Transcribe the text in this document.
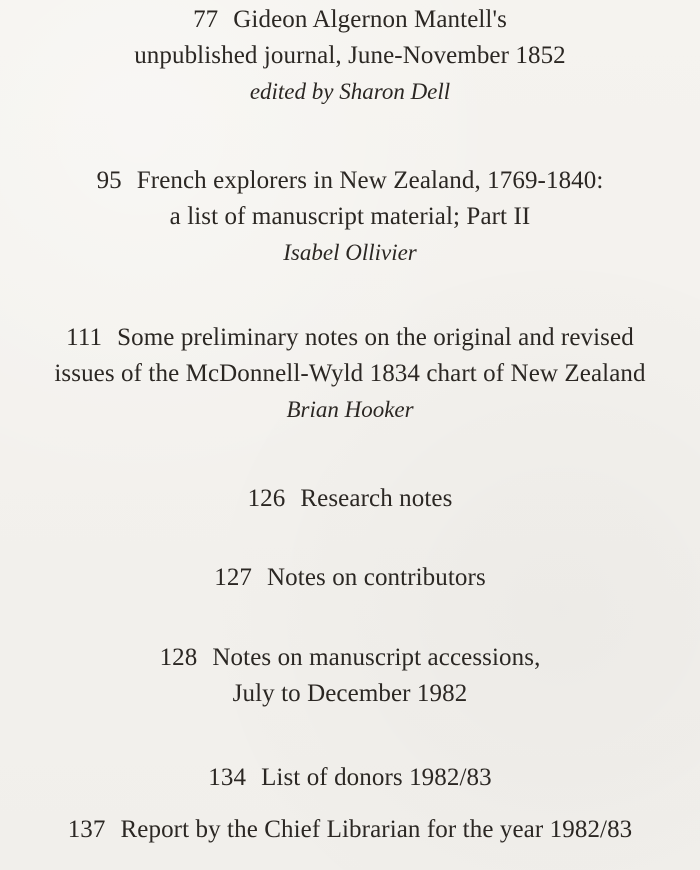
77 Gideon Algernon Mantell's
unpublished journal, June-November 1852
edited by Sharon Dell
95 French explorers in New Zealand, 1769-1840:
a list of manuscript material; Part II
Isabel Ollivier
111 Some preliminary notes on the original and revised
issues of the McDonnell-Wyld 1834 chart of New Zealand
Brian Hooker
126 Research notes
127 Notes on contributors
128 Notes on manuscript accessions,
July to December 1982
134 List of donors 1982/83
137 Report by the Chief Librarian for the year 1982/83
